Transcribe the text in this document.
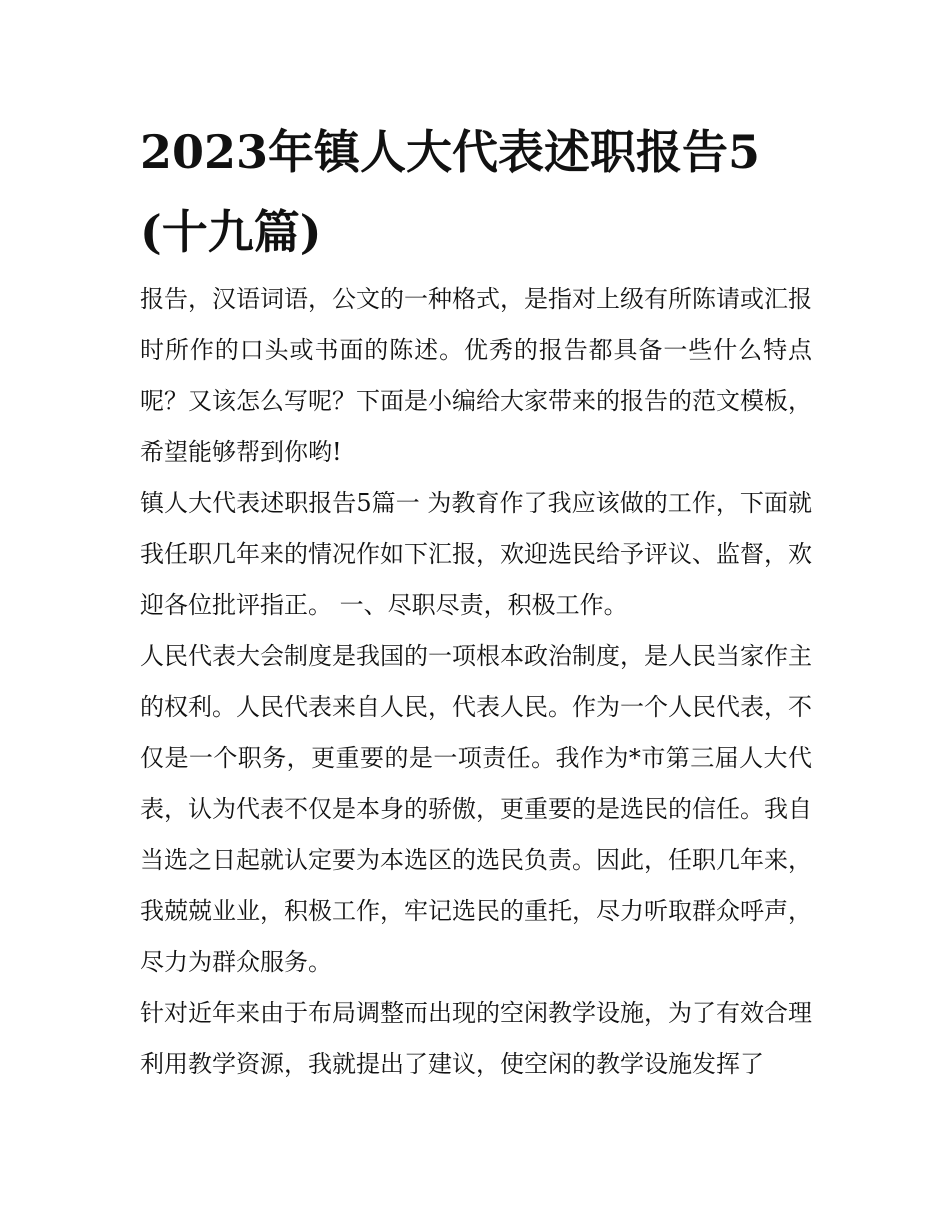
2023年镇人大代表述职报告5(十九篇)

报告，汉语词语，公文的一种格式，是指对上级有所陈请或汇报时所作的口头或书面的陈述。优秀的报告都具备一些什么特点呢？又该怎么写呢？下面是小编给大家带来的报告的范文模板，希望能够帮到你哟!

镇人大代表述职报告5篇一 为教育作了我应该做的工作，下面就我任职几年来的情况作如下汇报，欢迎选民给予评议、监督，欢迎各位批评指正。 一、尽职尽责，积极工作。

人民代表大会制度是我国的一项根本政治制度，是人民当家作主的权利。人民代表来自人民，代表人民。作为一个人民代表，不仅是一个职务，更重要的是一项责任。我作为*市第三届人大代表，认为代表不仅是本身的骄傲，更重要的是选民的信任。我自当选之日起就认定要为本选区的选民负责。因此，任职几年来，我兢兢业业，积极工作，牢记选民的重托，尽力听取群众呼声，尽力为群众服务。

针对近年来由于布局调整而出现的空闲教学设施，为了有效合理利用教学资源，我就提出了建议，使空闲的教学设施发挥了
